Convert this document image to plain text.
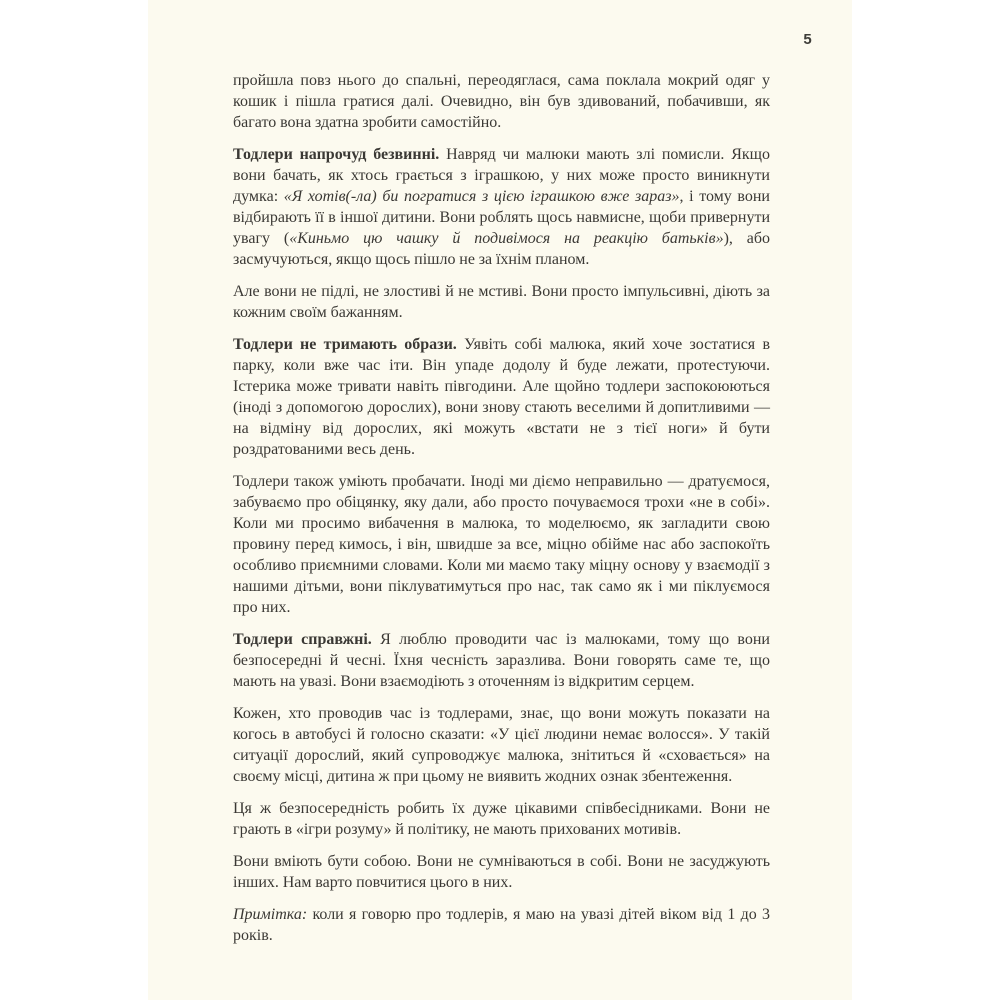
5

пройшла повз нього до спальні, переодяглася, сама поклала мокрий одяг у кошик і пішла гратися далі. Очевидно, він був здивований, побачивши, як багато вона здатна зробити самостійно.

Тодлери напрочуд безвинні. Навряд чи малюки мають злі помисли. Якщо вони бачать, як хтось грається з іграшкою, у них може просто виникнути думка: «Я хотів(-ла) би погратися з цією іграшкою вже зараз», і тому вони відбирають її в іншої дитини. Вони роблять щось навмисне, щоби привернути увагу («Киньмо цю чашку й подивімося на реакцію батьків»), або засмучуються, якщо щось пішло не за їхнім планом.

Але вони не підлі, не злостиві й не мстиві. Вони просто імпульсивні, діють за кожним своїм бажанням.

Тодлери не тримають образи. Уявіть собі малюка, який хоче зостатися в парку, коли вже час іти. Він упаде додолу й буде лежати, протестуючи. Істерика може тривати навіть півгодини. Але щойно тодлери заспокоюються (іноді з допомогою дорослих), вони знову стають веселими й допитливими — на відміну від дорослих, які можуть «встати не з тієї ноги» й бути роздратованими весь день.

Тодлери також уміють пробачати. Іноді ми діємо неправильно — дратуємося, забуваємо про обіцянку, яку дали, або просто почуваємося трохи «не в собі». Коли ми просимо вибачення в малюка, то моделюємо, як загладити свою провину перед кимось, і він, швидше за все, міцно обійме нас або заспокоїть особливо приємними словами. Коли ми маємо таку міцну основу у взаємодії з нашими дітьми, вони піклуватимуться про нас, так само як і ми піклуємося про них.

Тодлери справжні. Я люблю проводити час із малюками, тому що вони безпосередні й чесні. Їхня чесність заразлива. Вони говорять саме те, що мають на увазі. Вони взаємодіють з оточенням із відкритим серцем.

Кожен, хто проводив час із тодлерами, знає, що вони можуть показати на когось в автобусі й голосно сказати: «У цієї людини немає волосся». У такій ситуації дорослий, який супроводжує малюка, знітиться й «сховається» на своєму місці, дитина ж при цьому не виявить жодних ознак збентеження.

Ця ж безпосередність робить їх дуже цікавими співбесідниками. Вони не грають в «ігри розуму» й політику, не мають прихованих мотивів.

Вони вміють бути собою. Вони не сумніваються в собі. Вони не засуджують інших. Нам варто повчитися цього в них.

Примітка: коли я говорю про тодлерів, я маю на увазі дітей віком від 1 до 3 років.
